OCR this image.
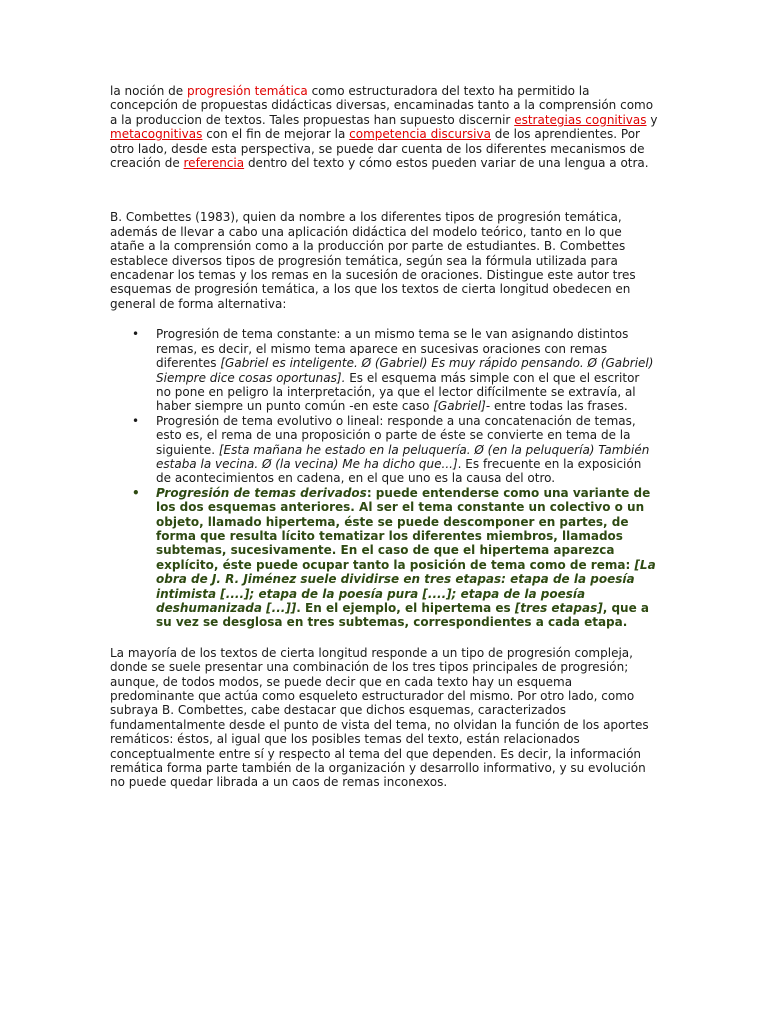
la noción de progresión temática como estructuradora del texto ha permitido la concepción de propuestas didácticas diversas, encaminadas tanto a la comprensión como a la produccion de textos. Tales propuestas han supuesto discernir estrategias cognitivas y metacognitivas con el fin de mejorar la competencia discursiva de los aprendientes. Por otro lado, desde esta perspectiva, se puede dar cuenta de los diferentes mecanismos de creación de referencia dentro del texto y cómo estos pueden variar de una lengua a otra.

B. Combettes (1983), quien da nombre a los diferentes tipos de progresión temática, además de llevar a cabo una aplicación didáctica del modelo teórico, tanto en lo que atañe a la comprensión como a la producción por parte de estudiantes. B. Combettes establece diversos tipos de progresión temática, según sea la fórmula utilizada para encadenar los temas y los remas en la sucesión de oraciones. Distingue este autor tres esquemas de progresión temática, a los que los textos de cierta longitud obedecen en general de forma alternativa:

• Progresión de tema constante: a un mismo tema se le van asignando distintos remas, es decir, el mismo tema aparece en sucesivas oraciones con remas diferentes [Gabriel es inteligente. Ø (Gabriel) Es muy rápido pensando. Ø (Gabriel) Siempre dice cosas oportunas]. Es el esquema más simple con el que el escritor no pone en peligro la interpretación, ya que el lector difícilmente se extravía, al haber siempre un punto común -en este caso [Gabriel]- entre todas las frases.
• Progresión de tema evolutivo o lineal: responde a una concatenación de temas, esto es, el rema de una proposición o parte de éste se convierte en tema de la siguiente. [Esta mañana he estado en la peluquería. Ø (en la peluquería) También estaba la vecina. Ø (la vecina) Me ha dicho que...]. Es frecuente en la exposición de acontecimientos en cadena, en el que uno es la causa del otro.
• Progresión de temas derivados: puede entenderse como una variante de los dos esquemas anteriores. Al ser el tema constante un colectivo o un objeto, llamado hipertema, éste se puede descomponer en partes, de forma que resulta lícito tematizar los diferentes miembros, llamados subtemas, sucesivamente. En el caso de que el hipertema aparezca explícito, éste puede ocupar tanto la posición de tema como de rema: [La obra de J. R. Jiménez suele dividirse en tres etapas: etapa de la poesía intimista [....]; etapa de la poesía pura [....]; etapa de la poesía deshumanizada [...]]. En el ejemplo, el hipertema es [tres etapas], que a su vez se desglosa en tres subtemas, correspondientes a cada etapa.

La mayoría de los textos de cierta longitud responde a un tipo de progresión compleja, donde se suele presentar una combinación de los tres tipos principales de progresión; aunque, de todos modos, se puede decir que en cada texto hay un esquema predominante que actúa como esqueleto estructurador del mismo. Por otro lado, como subraya B. Combettes, cabe destacar que dichos esquemas, caracterizados fundamentalmente desde el punto de vista del tema, no olvidan la función de los aportes remáticos: éstos, al igual que los posibles temas del texto, están relacionados conceptualmente entre sí y respecto al tema del que dependen. Es decir, la información remática forma parte también de la organización y desarrollo informativo, y su evolución no puede quedar librada a un caos de remas inconexos.
